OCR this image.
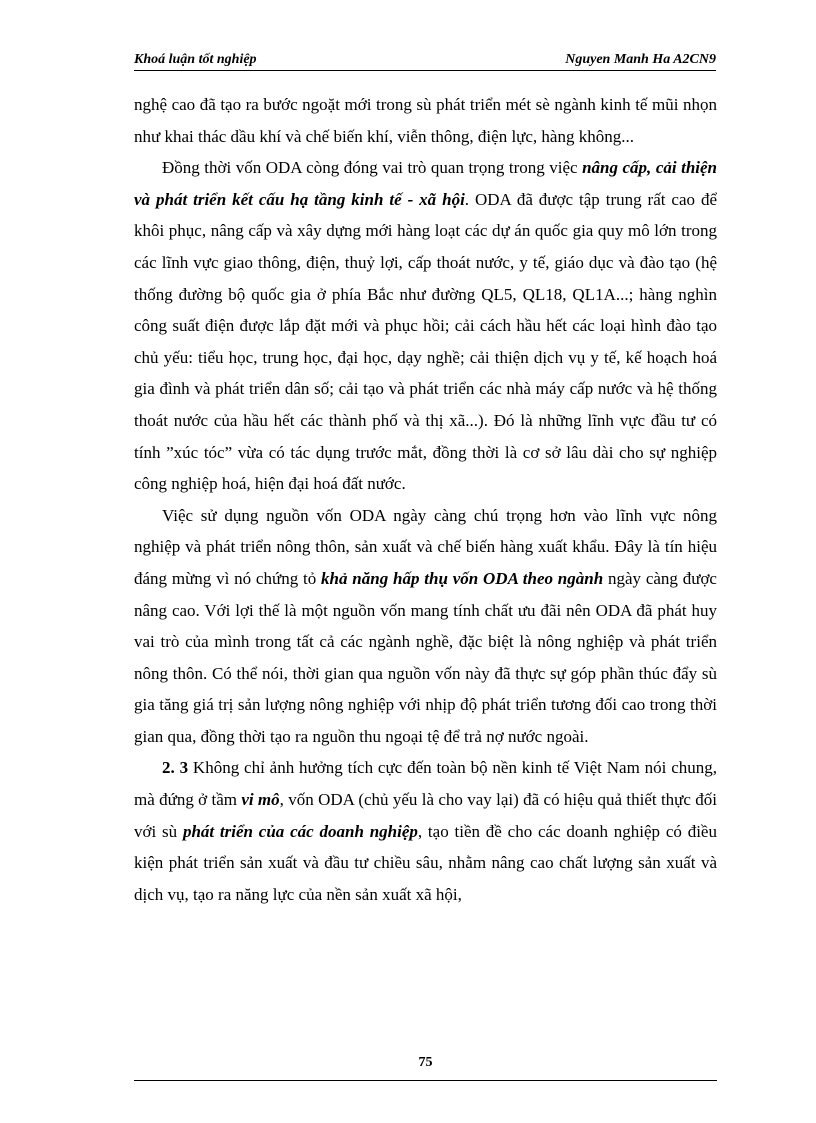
Khoá luận tốt nghiệp	Nguyen Manh Ha A2CN9

nghệ cao đã tạo ra bước ngoặt mới trong sù phát triển mét sè ngành kinh tế mũi nhọn như khai thác dầu khí và chế biến khí, viễn thông, điện lực, hàng không...

Đồng thời vốn ODA còng đóng vai trò quan trọng trong việc nâng cấp, cải thiện và phát triển kết cấu hạ tầng kinh tế - xã hội. ODA đã được tập trung rất cao để khôi phục, nâng cấp và xây dựng mới hàng loạt các dự án quốc gia quy mô lớn trong các lĩnh vực giao thông, điện, thuỷ lợi, cấp thoát nước, y tế, giáo dục và đào tạo (hệ thống đường bộ quốc gia ở phía Bắc như đường QL5, QL18, QL1A...; hàng nghìn công suất điện được lắp đặt mới và phục hồi; cải cách hầu hết các loại hình đào tạo chủ yếu: tiểu học, trung học, đại học, dạy nghề; cải thiện dịch vụ y tế, kế hoạch hoá gia đình và phát triển dân số; cải tạo và phát triển các nhà máy cấp nước và hệ thống thoát nước của hầu hết các thành phố và thị xã...). Đó là những lĩnh vực đầu tư có tính ”xúc tóc” vừa có tác dụng trước mắt, đồng thời là cơ sở lâu dài cho sự nghiệp công nghiệp hoá, hiện đại hoá đất nước.

Việc sử dụng nguồn vốn ODA ngày càng chú trọng hơn vào lĩnh vực nông nghiệp và phát triển nông thôn, sản xuất và chế biến hàng xuất khẩu. Đây là tín hiệu đáng mừng vì nó chứng tỏ khả năng hấp thụ vốn ODA theo ngành ngày càng được nâng cao. Với lợi thế là một nguồn vốn mang tính chất ưu đãi nên ODA đã phát huy vai trò của mình trong tất cả các ngành nghề, đặc biệt là nông nghiệp và phát triển nông thôn. Có thể nói, thời gian qua nguồn vốn này đã thực sự góp phần thúc đẩy sù gia tăng giá trị sản lượng nông nghiệp với nhịp độ phát triển tương đối cao trong thời gian qua, đồng thời tạo ra nguồn thu ngoại tệ để trả nợ nước ngoài.

2. 3 Không chỉ ảnh hưởng tích cực đến toàn bộ nền kinh tế Việt Nam nói chung, mà đứng ở tầm vi mô, vốn ODA (chủ yếu là cho vay lại) đã có hiệu quả thiết thực đối với sù phát triển của các doanh nghiệp, tạo tiền đề cho các doanh nghiệp có điều kiện phát triển sản xuất và đầu tư chiều sâu, nhằm nâng cao chất lượng sản xuất và dịch vụ, tạo ra năng lực của nền sản xuất xã hội,

75
